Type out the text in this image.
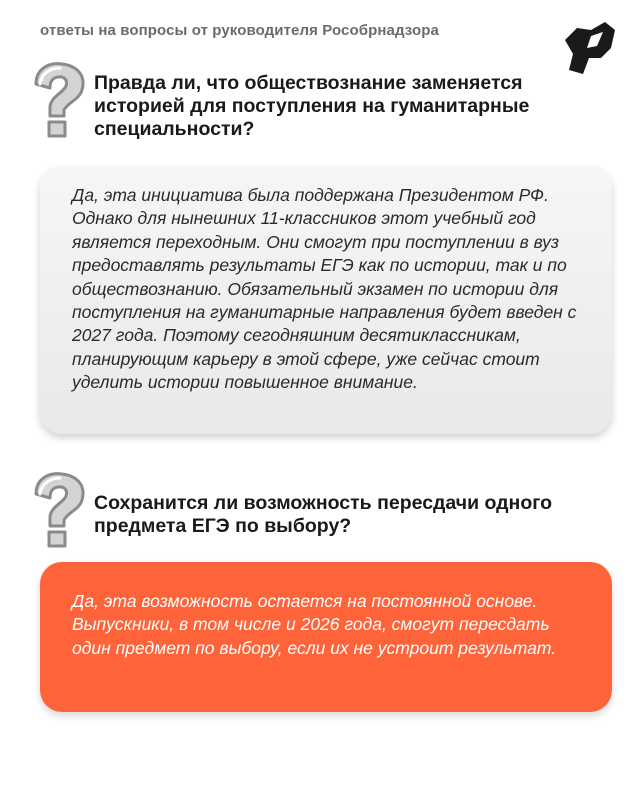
ответы на вопросы от руководителя Рособрнадзора
Правда ли, что обществознание заменяется историей для поступления на гуманитарные специальности?
Да, эта инициатива была поддержана Президентом РФ. Однако для нынешних 11-классников этот учебный год является переходным. Они смогут при поступлении в вуз предоставлять результаты ЕГЭ как по истории, так и по обществознанию. Обязательный экзамен по истории для поступления на гуманитарные направления будет введен с 2027 года. Поэтому сегодняшним десятиклассникам, планирующим карьеру в этой сфере, уже сейчас стоит уделить истории повышенное внимание.
Сохранится ли возможность пересдачи одного предмета ЕГЭ по выбору?
Да, эта возможность остается на постоянной основе. Выпускники, в том числе и 2026 года, смогут пересдать один предмет по выбору, если их не устроит результат.
